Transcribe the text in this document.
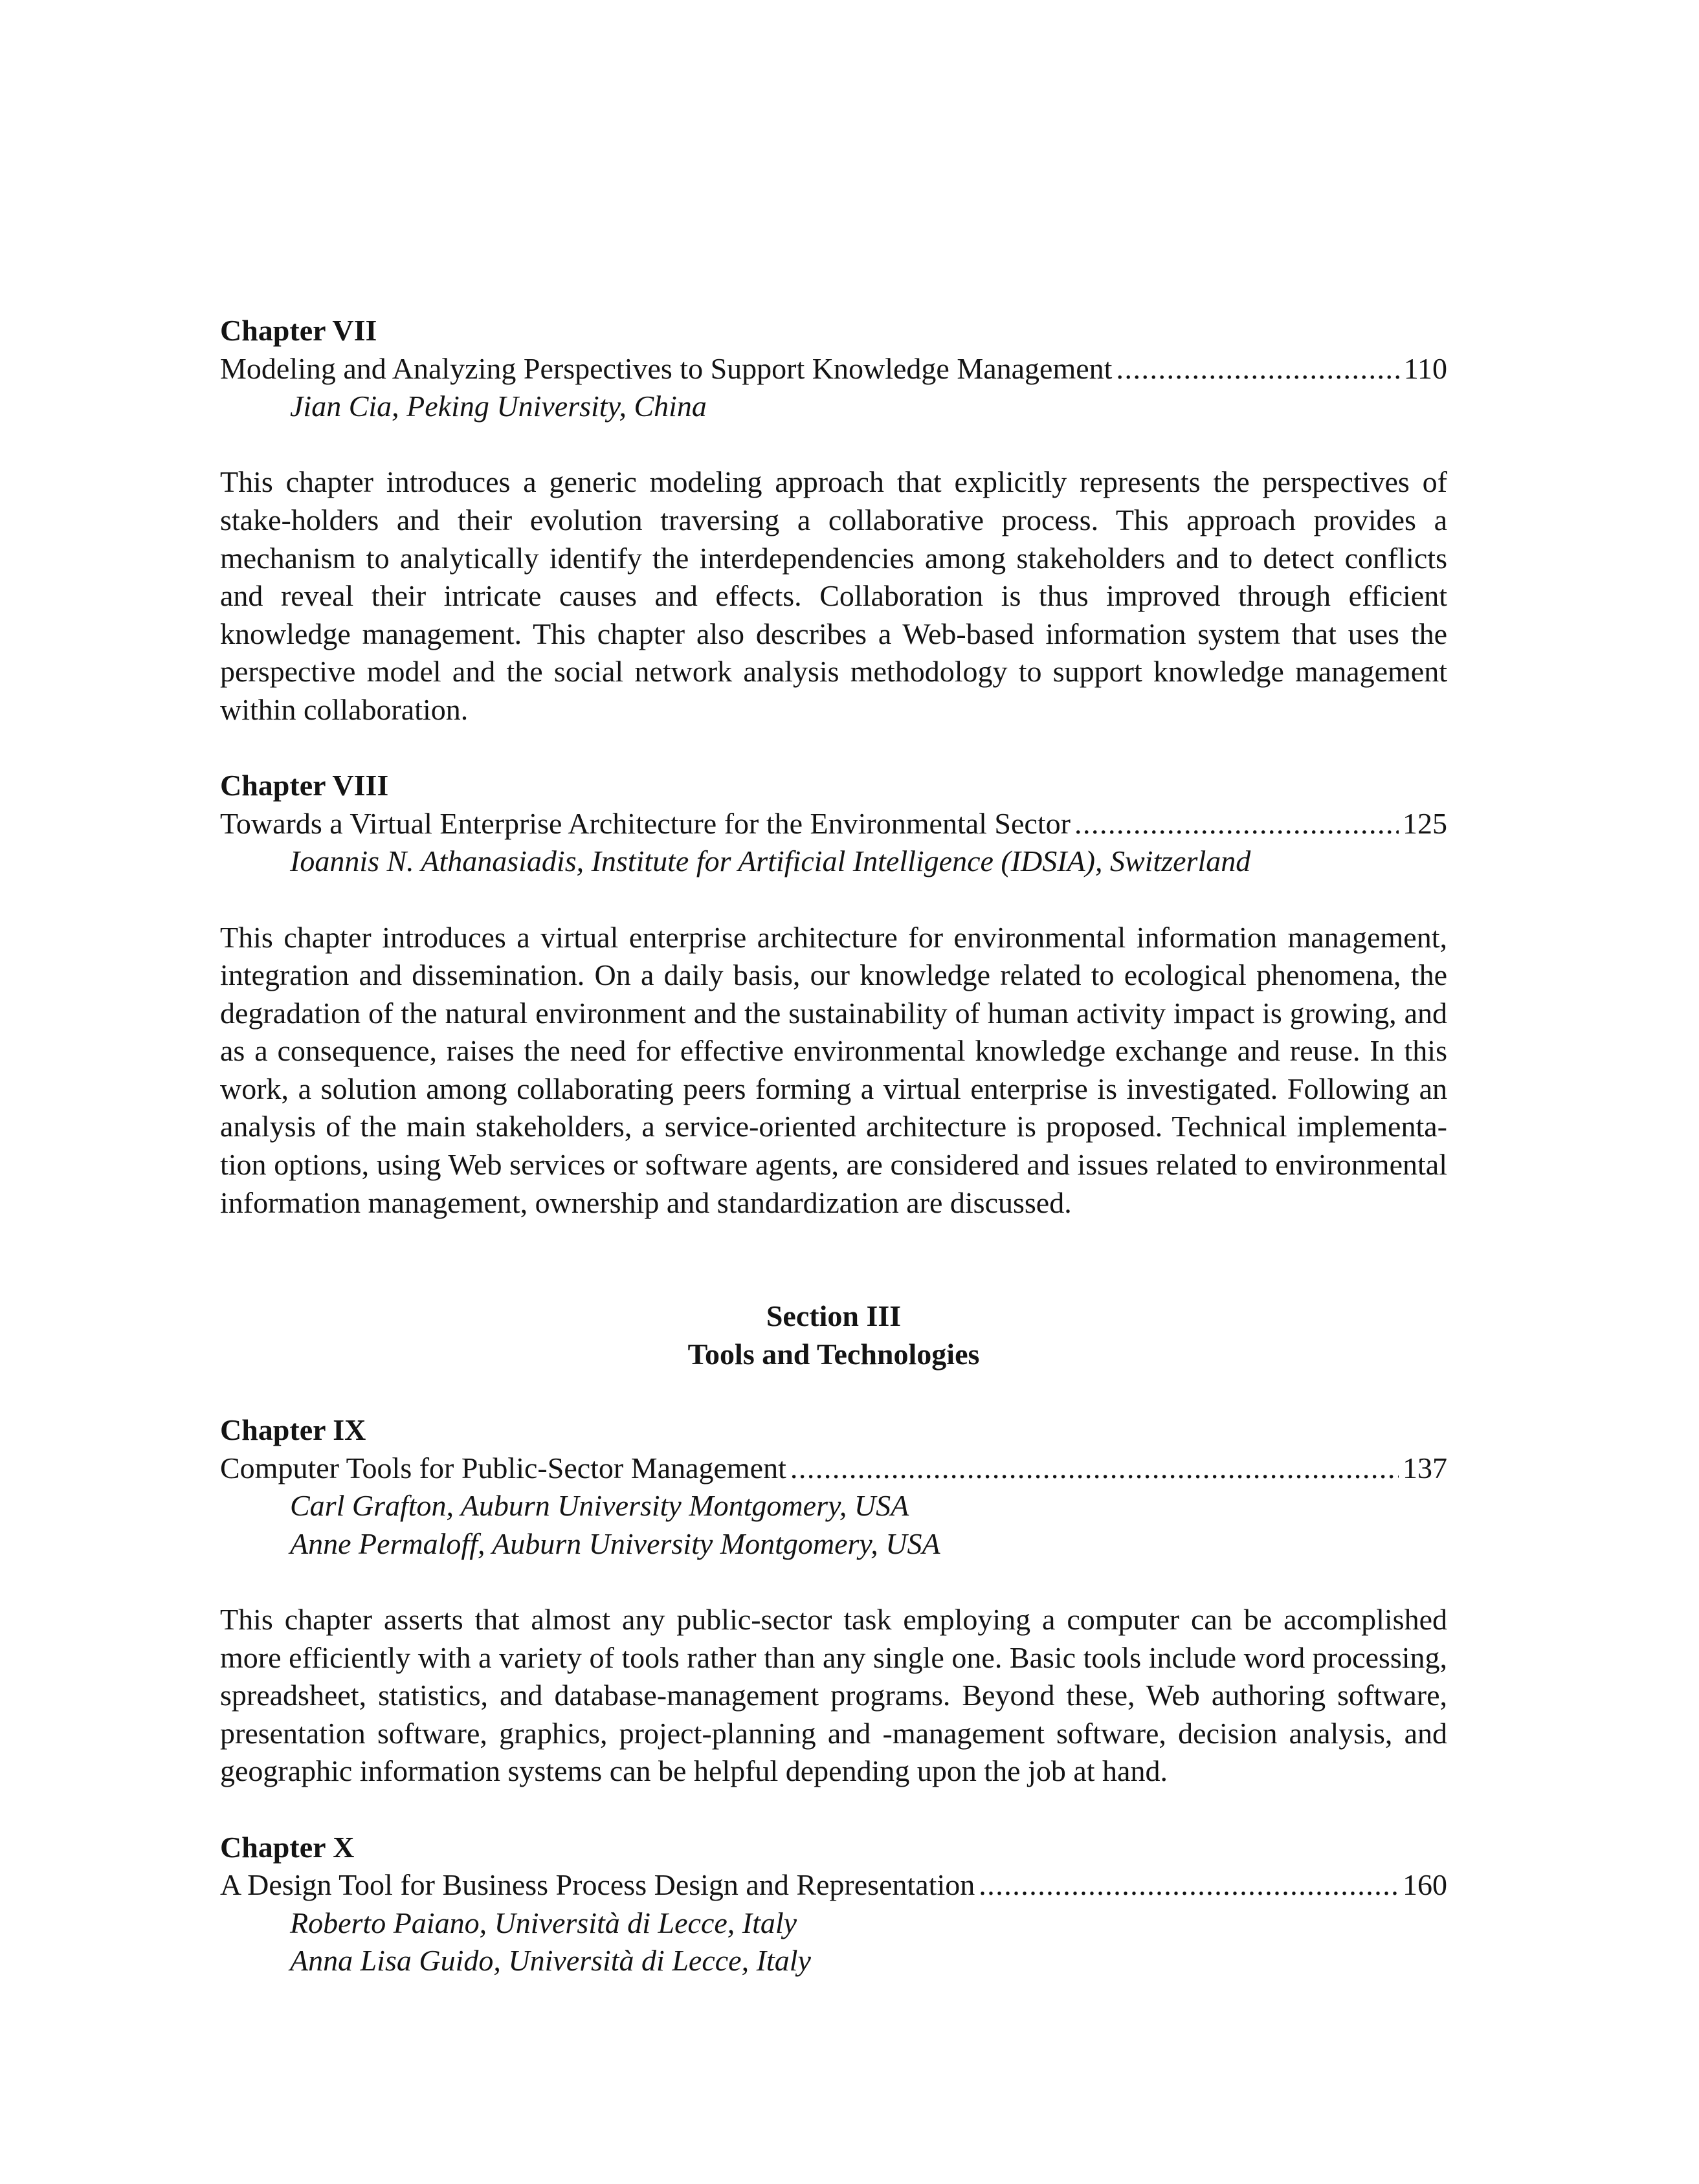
Chapter VII
Modeling and Analyzing Perspectives to Support Knowledge Management . . .	110
Jian Cia, Peking University, China

This chapter introduces a generic modeling approach that explicitly represents the perspectives of stake-holders and their evolution traversing a collaborative process. This approach provides a mechanism to analytically identify the interdependencies among stakeholders and to detect conflicts and reveal their intricate causes and effects. Collaboration is thus improved through efficient knowledge management. This chapter also describes a Web-based information system that uses the perspective model and the social network analysis methodology to support knowledge management within collaboration.

Chapter VIII
Towards a Virtual Enterprise Architecture for the Environmental Sector . . .	125
Ioannis N. Athanasiadis, Institute for Artificial Intelligence (IDSIA), Switzerland

This chapter introduces a virtual enterprise architecture for environmental information management, integration and dissemination. On a daily basis, our knowledge related to ecological phenomena, the degradation of the natural environment and the sustainability of human activity impact is growing, and as a consequence, raises the need for effective environmental knowledge exchange and reuse. In this work, a solution among collaborating peers forming a virtual enterprise is investigated. Following an analysis of the main stakeholders, a service-oriented architecture is proposed. Technical implementa-tion options, using Web services or software agents, are considered and issues related to environmental information management, ownership and standardization are discussed.

Section III
Tools and Technologies
Chapter IX
Computer Tools for Public-Sector Management . . .	137
Carl Grafton, Auburn University Montgomery, USA
Anne Permaloff, Auburn University Montgomery, USA

This chapter asserts that almost any public-sector task employing a computer can be accomplished more efficiently with a variety of tools rather than any single one. Basic tools include word processing, spreadsheet, statistics, and database-management programs. Beyond these, Web authoring software, presentation software, graphics, project-planning and -management software, decision analysis, and geographic information systems can be helpful depending upon the job at hand.

Chapter X
A Design Tool for Business Process Design and Representation . . .	160
Roberto Paiano, Università di Lecce, Italy
Anna Lisa Guido, Università di Lecce, Italy
